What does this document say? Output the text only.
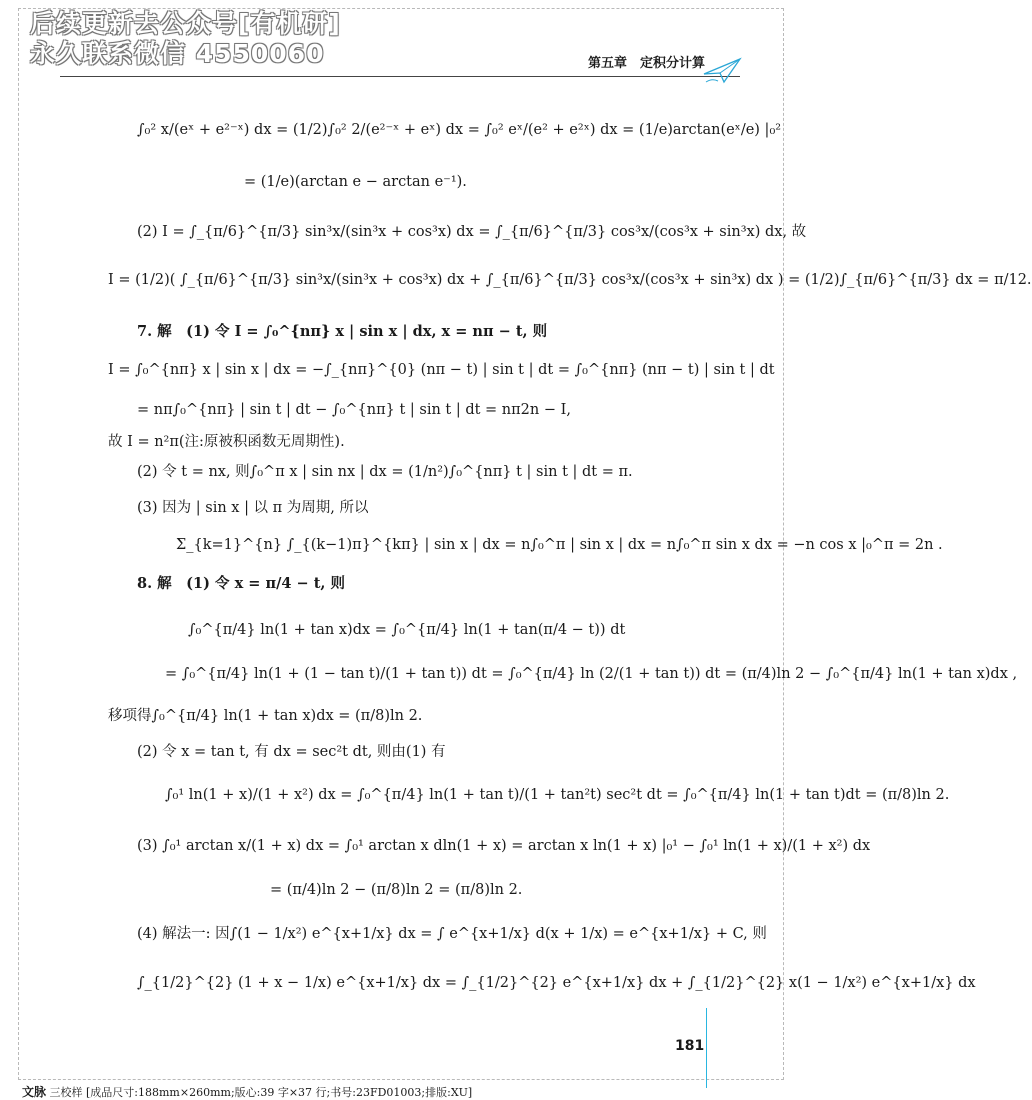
后续更新去公众号[有机研]
永久联系微信 4550060	第五章　定积分计算
∫₀² x/(eˣ + e²⁻ˣ) dx = (1/2)∫₀² 2/(e²⁻ˣ + eˣ) dx = ∫₀² eˣ/(e² + e²ˣ) dx = (1/e)arctan(eˣ/e) |₀²
= (1/e)(arctan e − arctan e⁻¹).
(2) I = ∫_{π/6}^{π/3} sin³x/(sin³x + cos³x) dx = ∫_{π/6}^{π/3} cos³x/(cos³x + sin³x) dx, 故
I = (1/2)( ∫_{π/6}^{π/3} sin³x/(sin³x + cos³x) dx + ∫_{π/6}^{π/3} cos³x/(cos³x + sin³x) dx ) = (1/2)∫_{π/6}^{π/3} dx = π/12.
7. 解　(1) 令 I = ∫₀^{nπ} x | sin x | dx, x = nπ − t, 则
I = ∫₀^{nπ} x | sin x | dx = −∫_{nπ}^{0} (nπ − t) | sin t | dt = ∫₀^{nπ} (nπ − t) | sin t | dt
= nπ∫₀^{nπ} | sin t | dt − ∫₀^{nπ} t | sin t | dt = nπ2n − I,
故 I = n²π(注:原被积函数无周期性).
(2) 令 t = nx, 则∫₀^π x | sin nx | dx = (1/n²)∫₀^{nπ} t | sin t | dt = π.
(3) 因为 | sin x | 以 π 为周期, 所以
Σ_{k=1}^{n} ∫_{(k−1)π}^{kπ} | sin x | dx = n∫₀^π | sin x | dx = n∫₀^π sin x dx = −n cos x |₀^π = 2n .
8. 解　(1) 令 x = π/4 − t, 则
∫₀^{π/4} ln(1 + tan x)dx = ∫₀^{π/4} ln(1 + tan(π/4 − t)) dt
= ∫₀^{π/4} ln(1 + (1 − tan t)/(1 + tan t)) dt = ∫₀^{π/4} ln (2/(1 + tan t)) dt = (π/4)ln 2 − ∫₀^{π/4} ln(1 + tan x)dx ,
移项得∫₀^{π/4} ln(1 + tan x)dx = (π/8)ln 2.
(2) 令 x = tan t, 有 dx = sec²t dt, 则由(1) 有
∫₀¹ ln(1 + x)/(1 + x²) dx = ∫₀^{π/4} ln(1 + tan t)/(1 + tan²t) sec²t dt = ∫₀^{π/4} ln(1 + tan t)dt = (π/8)ln 2.
(3) ∫₀¹ arctan x/(1 + x) dx = ∫₀¹ arctan x dln(1 + x) = arctan x ln(1 + x) |₀¹ − ∫₀¹ ln(1 + x)/(1 + x²) dx
= (π/4)ln 2 − (π/8)ln 2 = (π/8)ln 2.
(4) 解法一: 因∫(1 − 1/x²) e^{x+1/x} dx = ∫ e^{x+1/x} d(x + 1/x) = e^{x+1/x} + C, 则
∫_{1/2}^{2} (1 + x − 1/x) e^{x+1/x} dx = ∫_{1/2}^{2} e^{x+1/x} dx + ∫_{1/2}^{2} x(1 − 1/x²) e^{x+1/x} dx
181
文脉 三校样 [成品尺寸:188mm×260mm;版心:39 字×37 行;书号:23FD01003;排版:XU]
